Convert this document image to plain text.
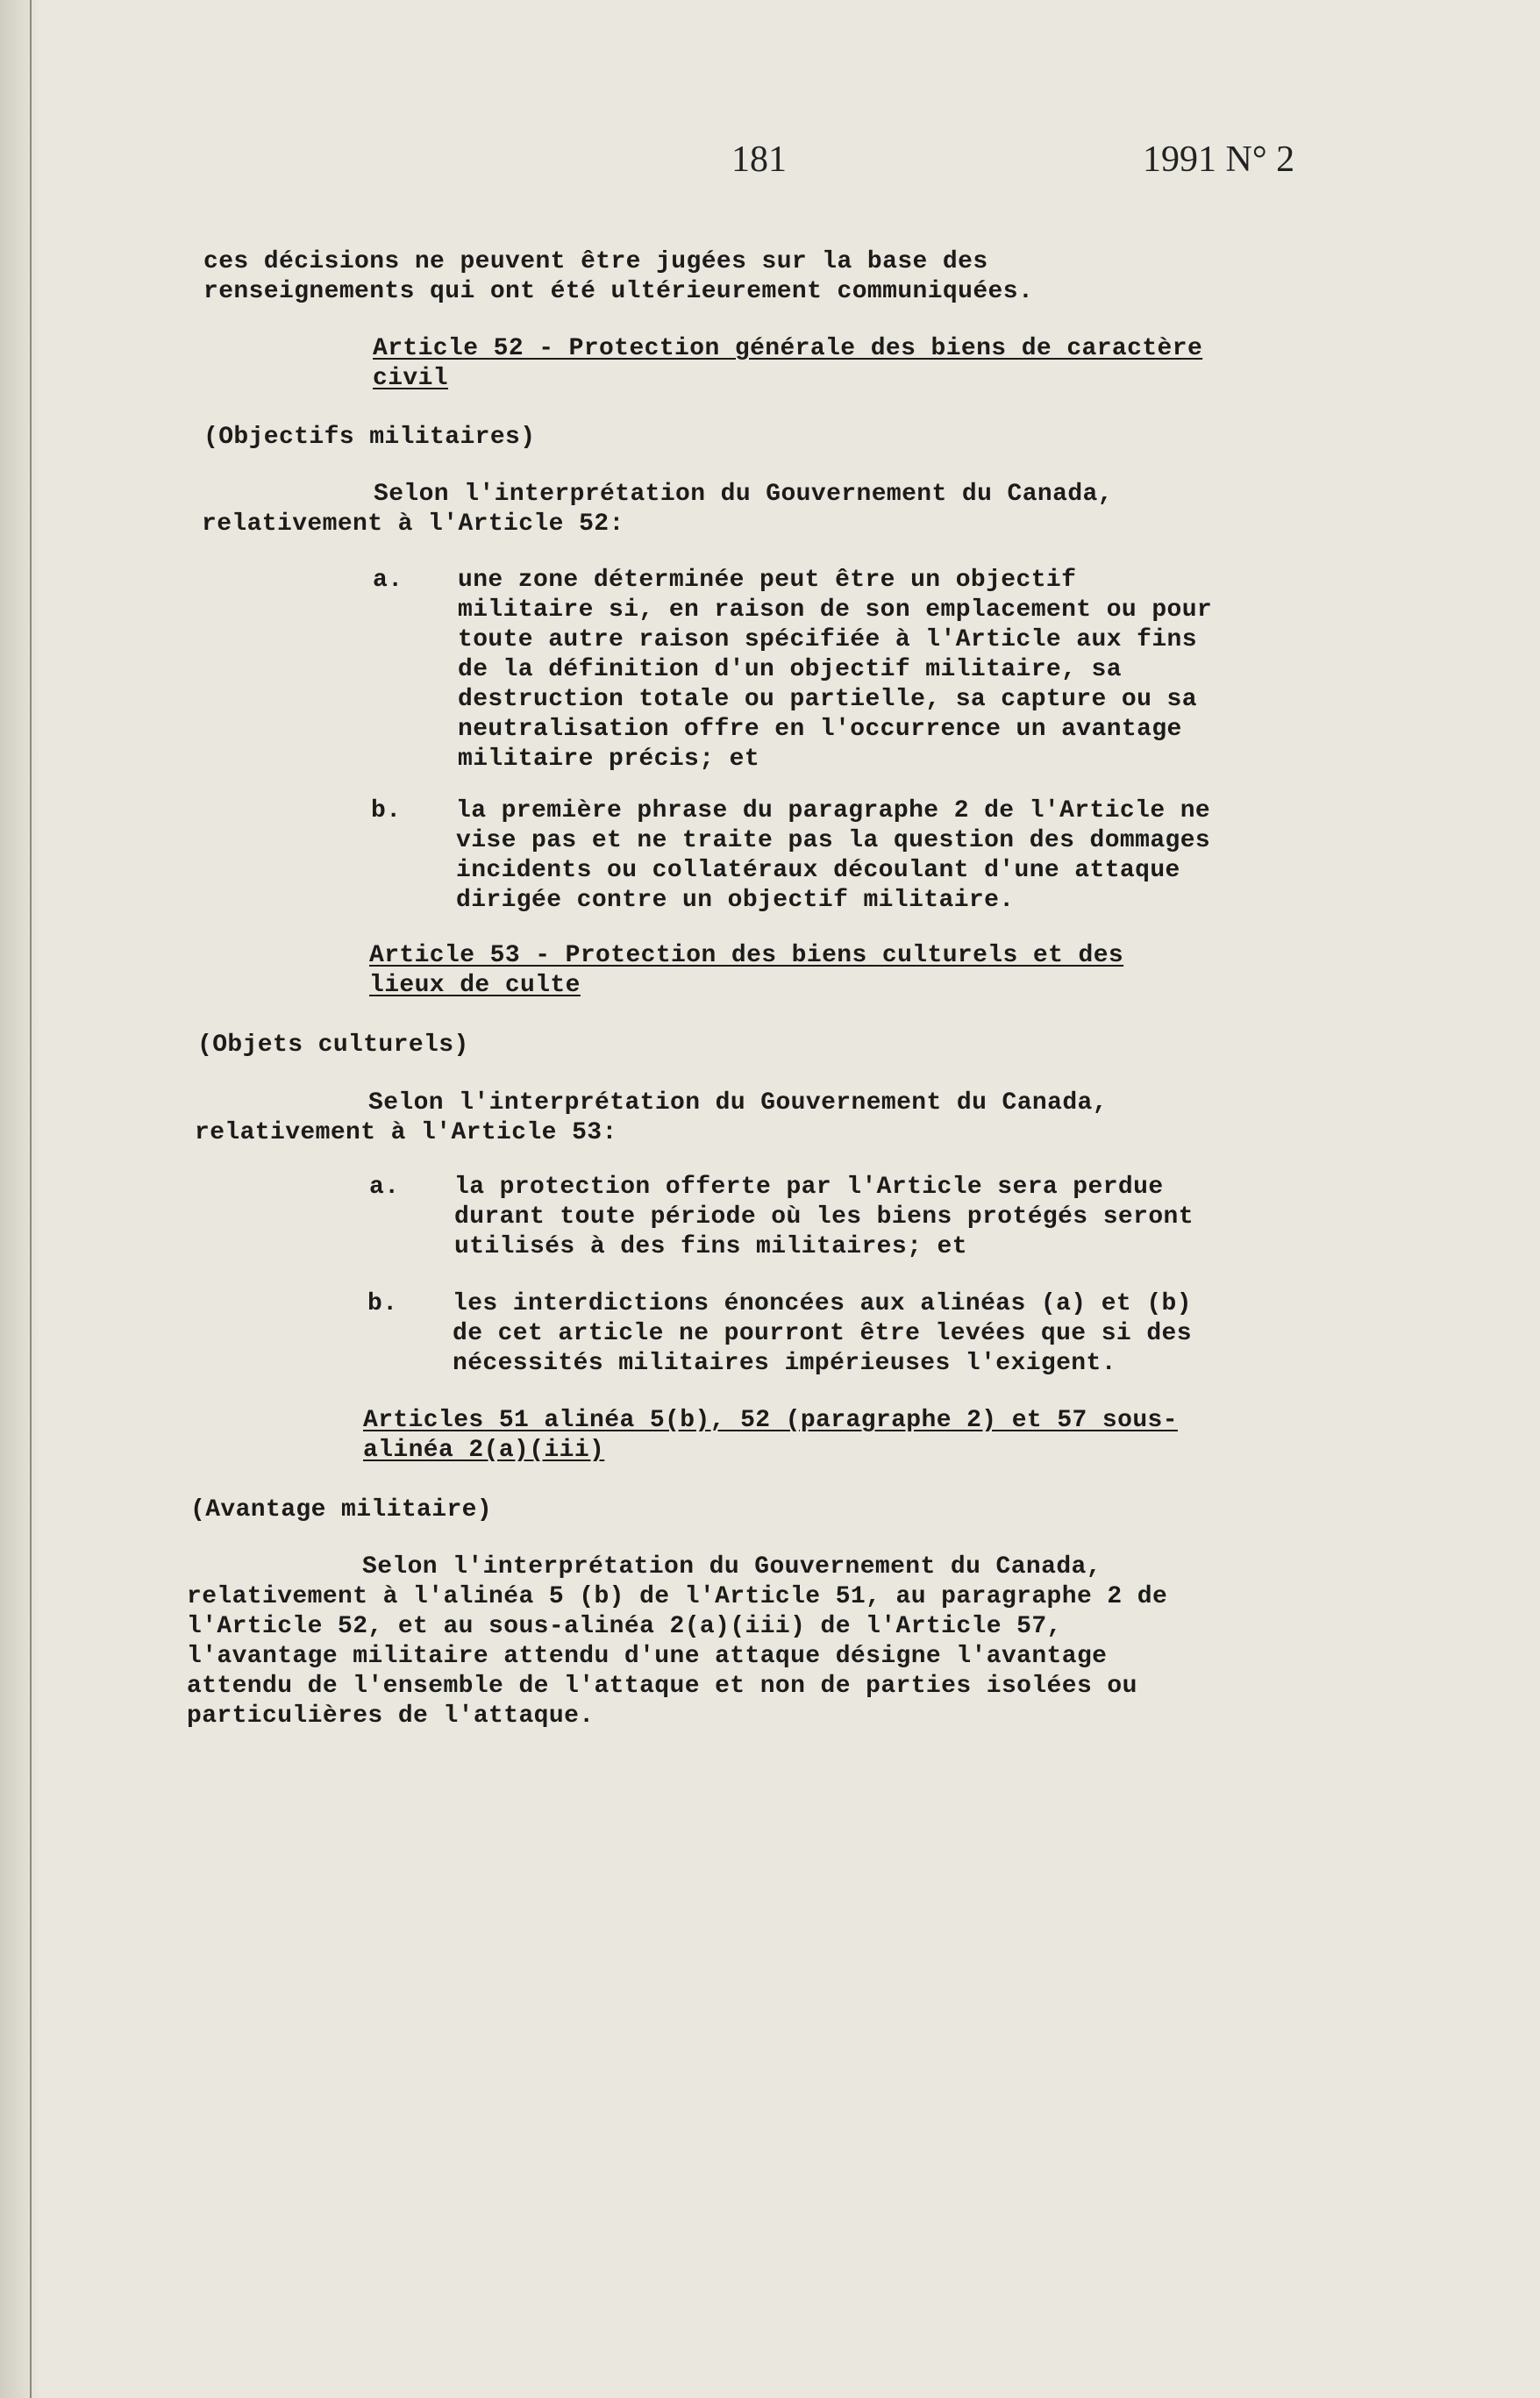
181	1991 N° 2
ces décisions ne peuvent être jugées sur la base des
renseignements qui ont été ultérieurement communiquées.
Article 52 - Protection générale des biens de caractère
civil
(Objectifs militaires)
Selon l'interprétation du Gouvernement du Canada,
relativement à l'Article 52:
a. une zone déterminée peut être un objectif
militaire si, en raison de son emplacement ou pour
toute autre raison spécifiée à l'Article aux fins
de la définition d'un objectif militaire, sa
destruction totale ou partielle, sa capture ou sa
neutralisation offre en l'occurrence un avantage
militaire précis; et
b. la première phrase du paragraphe 2 de l'Article ne
vise pas et ne traite pas la question des dommages
incidents ou collatéraux découlant d'une attaque
dirigée contre un objectif militaire.
Article 53 - Protection des biens culturels et des
lieux de culte
(Objets culturels)
Selon l'interprétation du Gouvernement du Canada,
relativement à l'Article 53:
a. la protection offerte par l'Article sera perdue
durant toute période où les biens protégés seront
utilisés à des fins militaires; et
b. les interdictions énoncées aux alinéas (a) et (b)
de cet article ne pourront être levées que si des
nécessités militaires impérieuses l'exigent.
Articles 51 alinéa 5(b), 52 (paragraphe 2) et 57 sous-
alinéa 2(a)(iii)
(Avantage militaire)
Selon l'interprétation du Gouvernement du Canada,
relativement à l'alinéa 5 (b) de l'Article 51, au paragraphe 2 de
l'Article 52, et au sous-alinéa 2(a)(iii) de l'Article 57,
l'avantage militaire attendu d'une attaque désigne l'avantage
attendu de l'ensemble de l'attaque et non de parties isolées ou
particulières de l'attaque.
